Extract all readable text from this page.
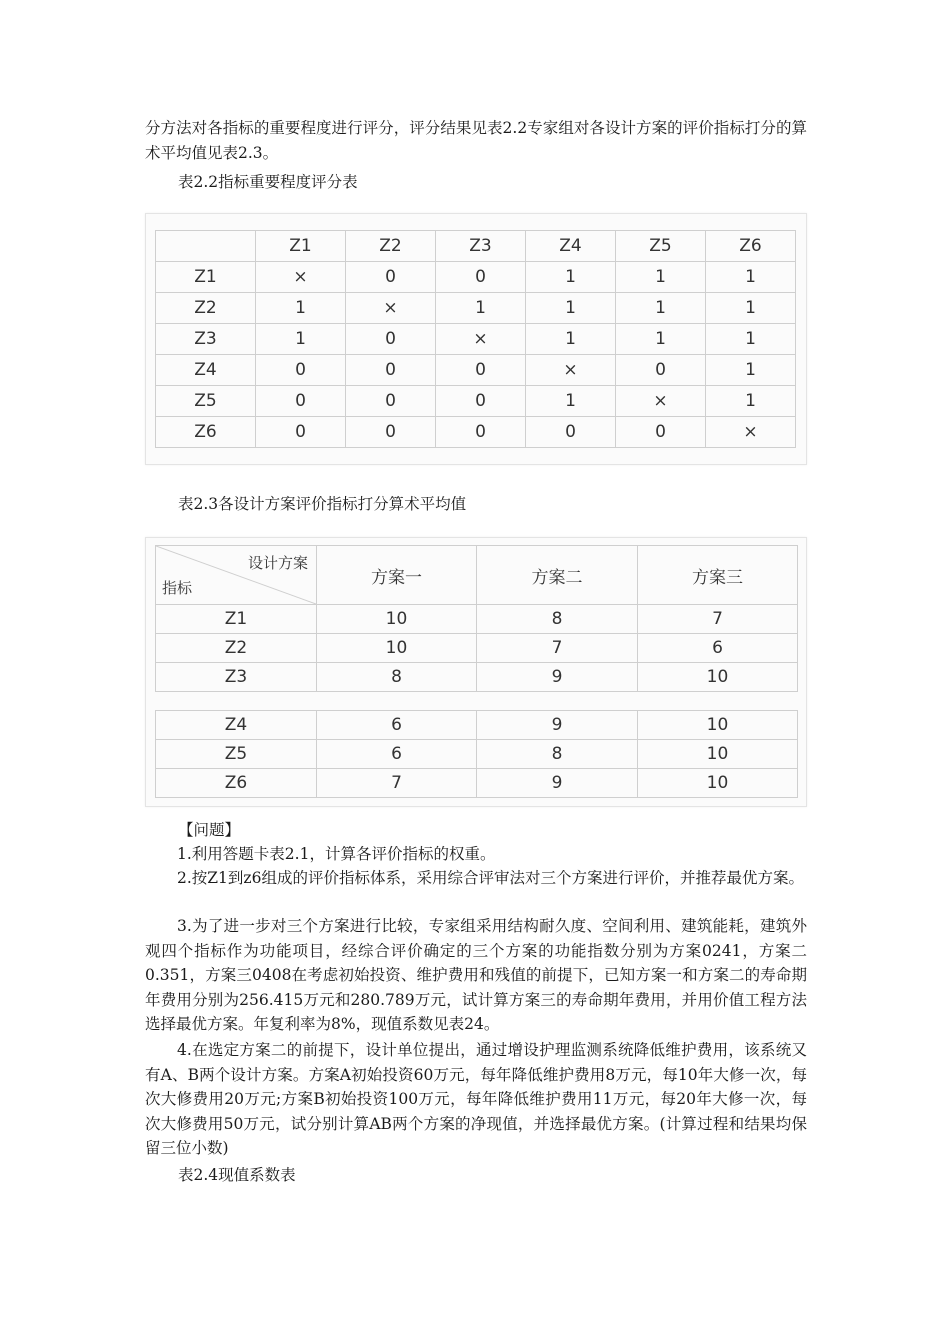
分方法对各指标的重要程度进行评分，评分结果见表2.2专家组对各设计方案的评价指标打分的算术平均值见表2.3。

表2.2指标重要程度评分表

	Z1	Z2	Z3	Z4	Z5	Z6
Z1	×	0	0	1	1	1
Z2	1	×	1	1	1	1
Z3	1	0	×	1	1	1
Z4	0	0	0	×	0	1
Z5	0	0	0	1	×	1
Z6	0	0	0	0	0	×

表2.3各设计方案评价指标打分算术平均值

设计方案
指标	方案一	方案二	方案三
Z1	10	8	7
Z2	10	7	6
Z3	8	9	10
Z4	6	9	10
Z5	6	8	10
Z6	7	9	10

【问题】

1.利用答题卡表2.1，计算各评价指标的权重。

2.按Z1到z6组成的评价指标体系，采用综合评审法对三个方案进行评价，并推荐最优方案。

3.为了进一步对三个方案进行比较，专家组采用结构耐久度、空间利用、建筑能耗，建筑外观四个指标作为功能项目，经综合评价确定的三个方案的功能指数分别为方案0241，方案二0.351，方案三0408在考虑初始投资、维护费用和残值的前提下，已知方案一和方案二的寿命期年费用分别为256.415万元和280.789万元，试计算方案三的寿命期年费用，并用价值工程方法选择最优方案。年复利率为8%，现值系数见表24。

4.在选定方案二的前提下，设计单位提出，通过增设护理监测系统降低维护费用，该系统又有A、B两个设计方案。方案A初始投资60万元，每年降低维护费用8万元，每10年大修一次，每次大修费用20万元;方案B初始投资100万元，每年降低维护费用11万元，每20年大修一次，每次大修费用50万元，试分别计算AB两个方案的净现值，并选择最优方案。(计算过程和结果均保留三位小数)

表2.4现值系数表
